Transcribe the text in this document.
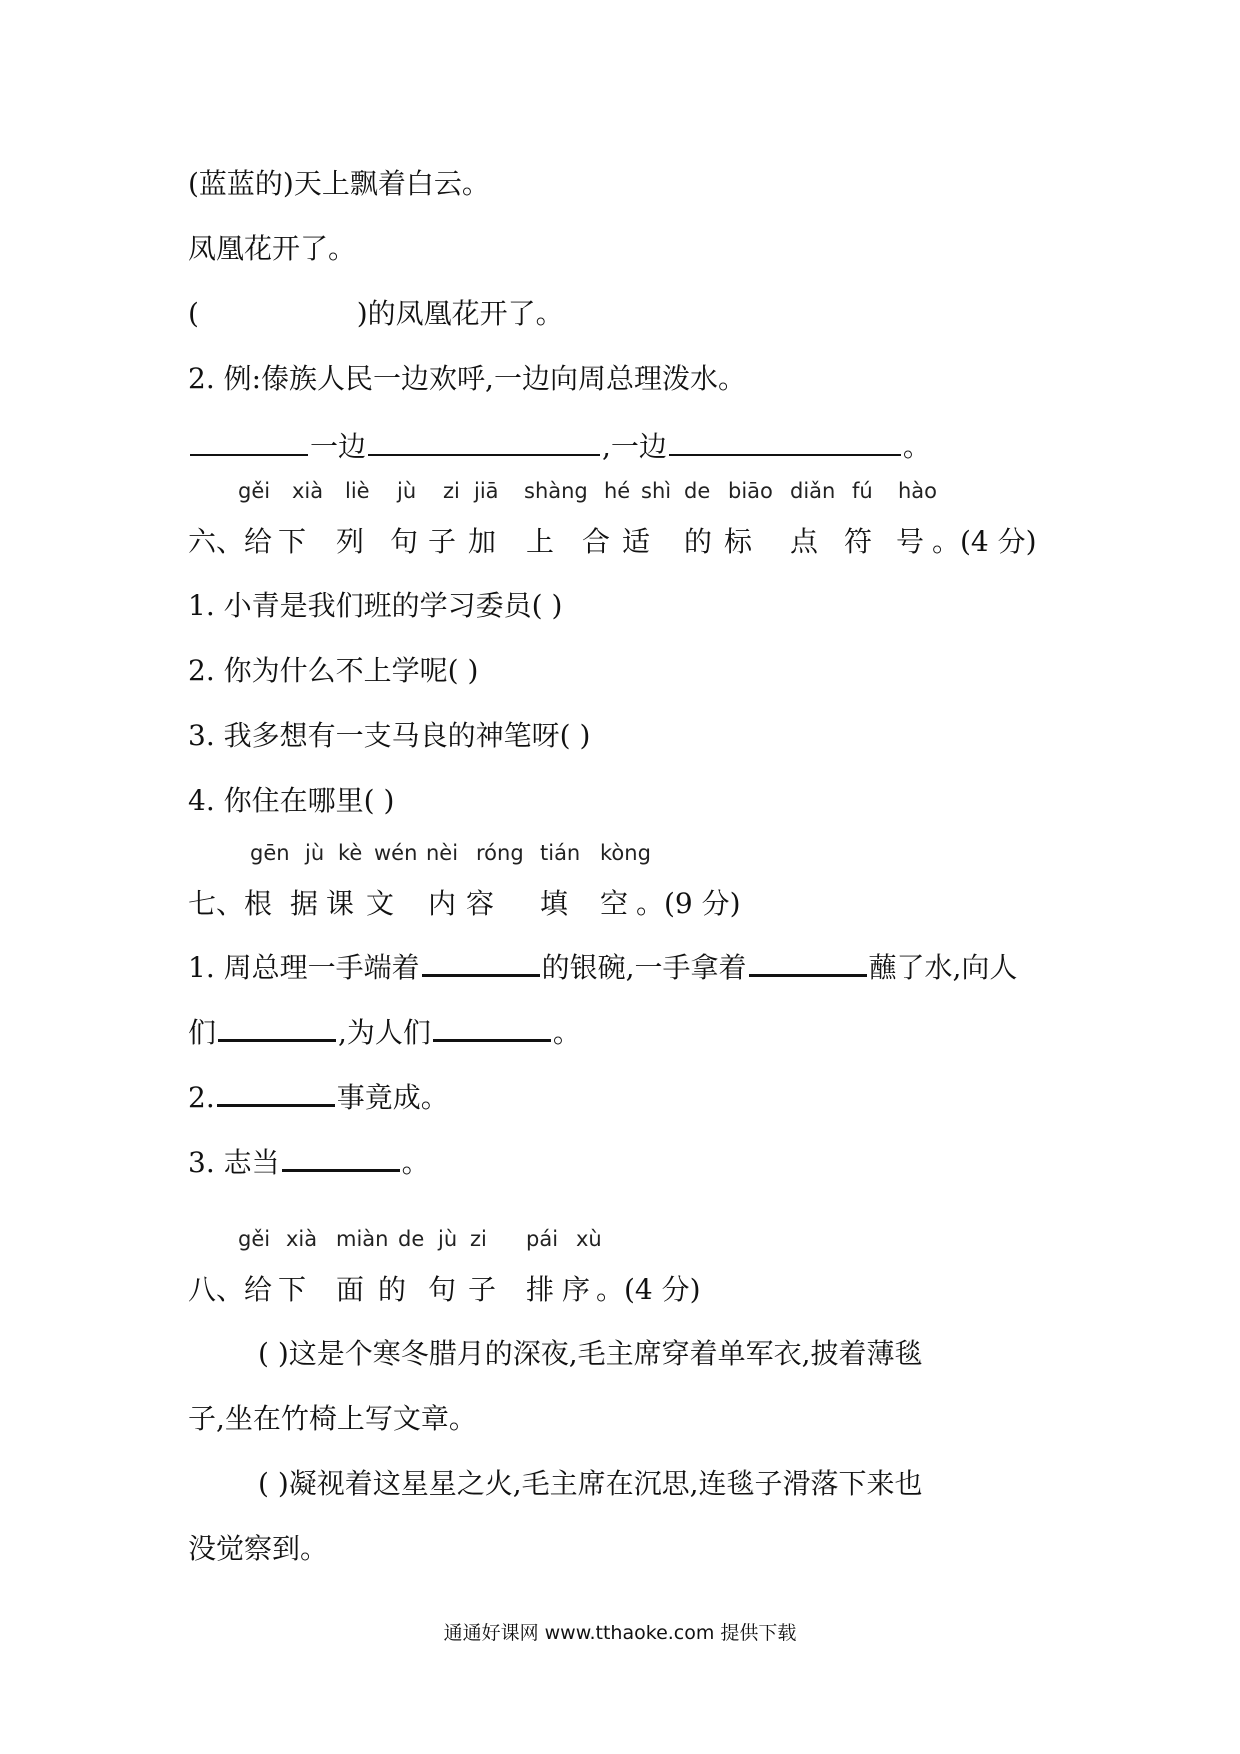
(蓝蓝的)天上飘着白云。
凤凰花开了。
(	)的凤凰花开了。
2. 例:傣族人民一边欢呼,一边向周总理泼水。
一边	,一边	。
gěi xià liè jù zi jiā shàng hé shì de biāo diǎn fú hào
六、给 下 列 句 子 加 上 合 适 的 标 点 符 号 。(4 分)
1. 小青是我们班的学习委员( )
2. 你为什么不上学呢( )
3. 我多想有一支马良的神笔呀( )
4. 你住在哪里( )
gēn jù kè wén nèi róng tián kòng
七、根 据 课 文 内 容 填 空 。(9 分)
1. 周总理一手端着	的银碗,一手拿着	蘸了水,向人
们	,为人们	。
2.	事竟成。
3. 志当	。
gěi xià miàn de jù zi pái xù
八、给 下 面 的 句 子 排 序 。(4 分)
( )这是个寒冬腊月的深夜,毛主席穿着单军衣,披着薄毯
子,坐在竹椅上写文章。
( )凝视着这星星之火,毛主席在沉思,连毯子滑落下来也
没觉察到。
通通好课网 www.tthaoke.com 提供下载
